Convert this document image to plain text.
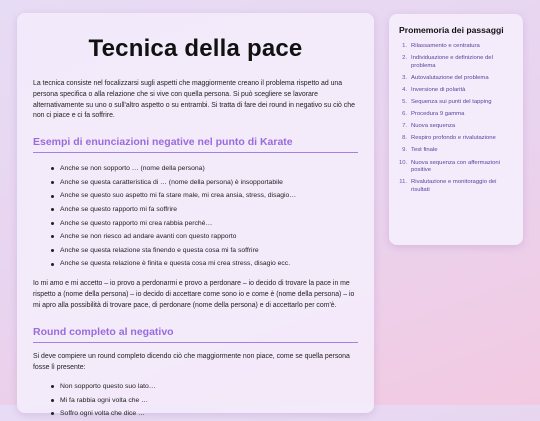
Tecnica della pace

La tecnica consiste nel focalizzarsi sugli aspetti che maggiormente creano il problema rispetto ad una persona specifica o alla relazione che si vive con quella persona. Si può scegliere se lavorare alternativamente su uno o sull'altro aspetto o su entrambi. Si tratta di fare dei round in negativo su ciò che non ci piace e ci fa soffrire.

Esempi di enunciazioni negative nel punto di Karate
Anche se non sopporto … (nome della persona)
Anche se questa caratteristica di … (nome della persona) è insopportabile
Anche se questo suo aspetto mi fa stare male, mi crea ansia, stress, disagio…
Anche se questo rapporto mi fa soffrire
Anche se questo rapporto mi crea rabbia perché…
Anche se non riesco ad andare avanti con questo rapporto
Anche se questa relazione sta finendo e questa cosa mi fa soffrire
Anche se questa relazione è finita e questa cosa mi crea stress, disagio ecc.

Io mi amo e mi accetto – io provo a perdonarmi e provo a perdonare – io decido di trovare la pace in me rispetto a (nome della persona) – io decido di accettare come sono io e come è (nome della persona) – io mi apro alla possibilità di trovare pace, di perdonare (nome della persona) e di accettarlo per com'è.

Round completo al negativo

Si deve compiere un round completo dicendo ciò che maggiormente non piace, come se quella persona fosse lì presente:

Non sopporto questo suo lato…
Mi fa rabbia ogni volta che …
Soffro ogni volta che dice …
Promemoria dei passaggi
1. Rilassamento e centratura
2. Individuazione e definizione del problema
3. Autovalutazione del problema
4. Inversione di polarità
5. Sequenza sui punti del tapping
6. Procedura 9 gamma
7. Nuova sequenza
8. Respiro profondo e rivalutazione
9. Test finale
10. Nuova sequenza con affermazioni positive
11. Rivalutazione e monitoraggio dei risultati
